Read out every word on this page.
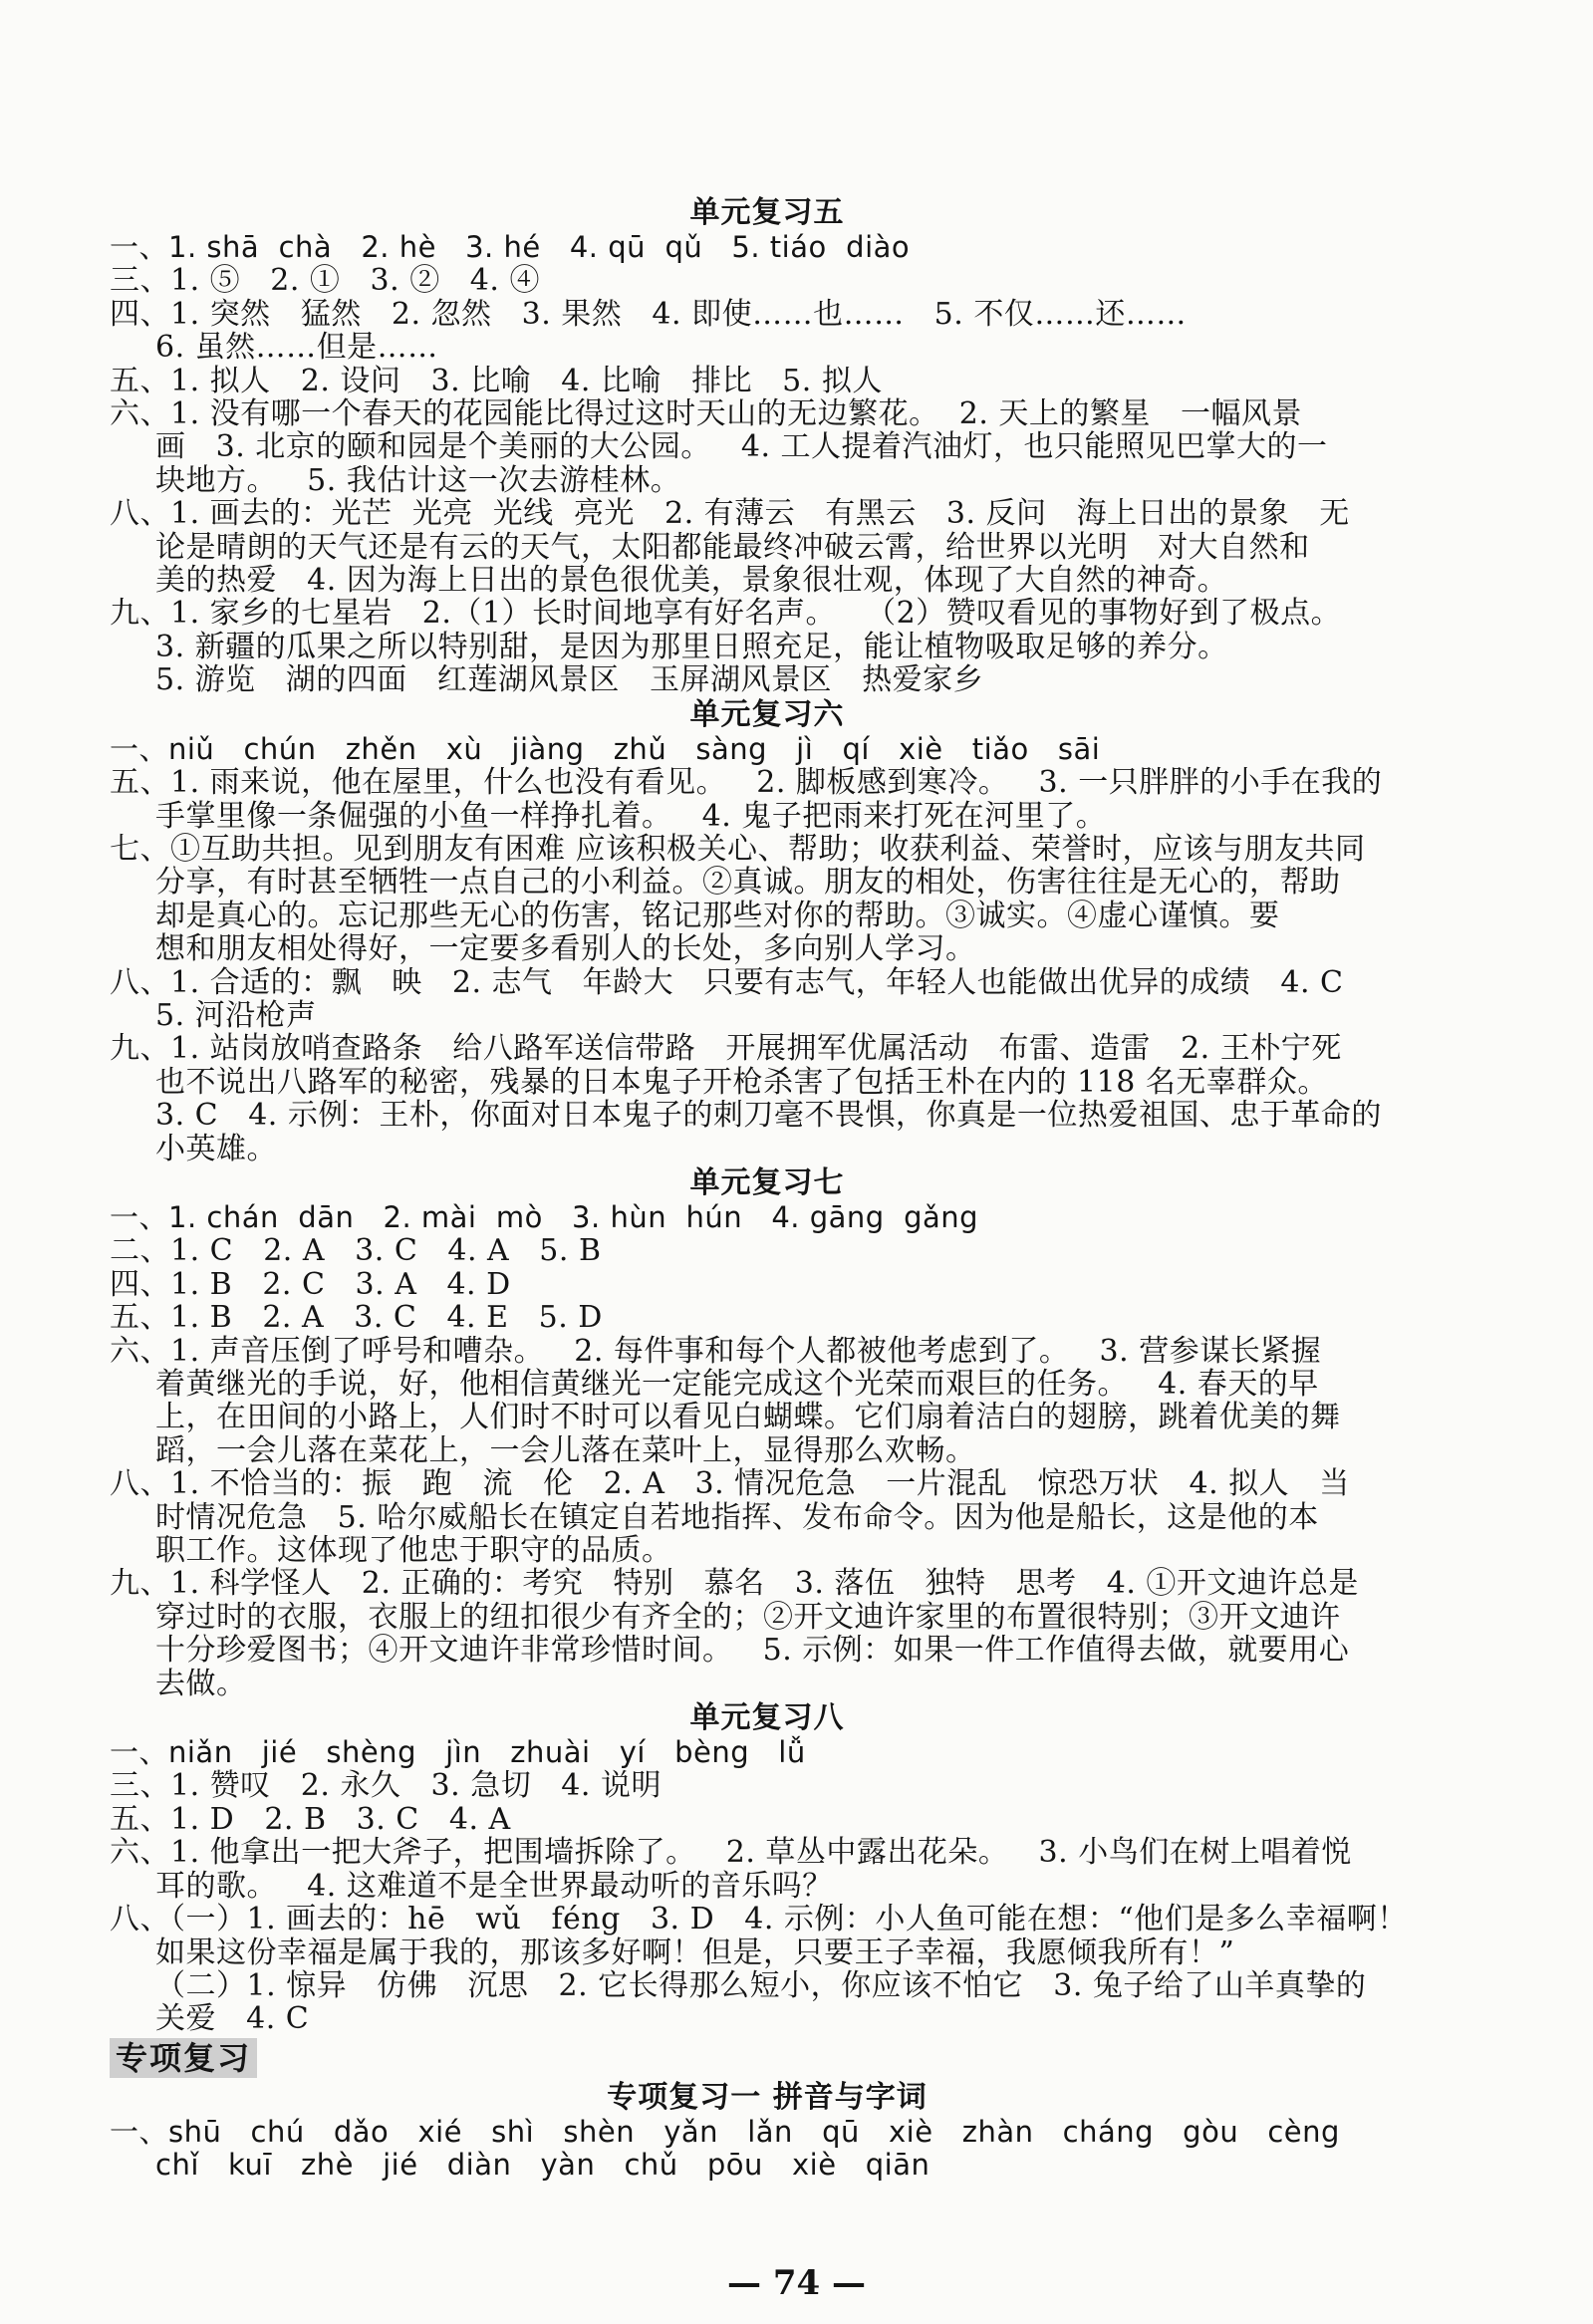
单元复习五
一、1. shā  chà   2. hè   3. hé   4. qū  qǔ   5. tiáo  diào
三、1. ⑤   2. ①   3. ②   4. ④
四、1. 突然   猛然   2. 忽然   3. 果然   4. 即使……也……   5. 不仅……还……
6. 虽然……但是……
五、1. 拟人   2. 设问   3. 比喻   4. 比喻   排比   5. 拟人
六、1. 没有哪一个春天的花园能比得过这时天山的无边繁花。  2. 天上的繁星   一幅风景
画   3. 北京的颐和园是个美丽的大公园。   4. 工人提着汽油灯，也只能照见巴掌大的一
块地方。   5. 我估计这一次去游桂林。
八、1. 画去的：光芒  光亮  光线  亮光   2. 有薄云   有黑云   3. 反问   海上日出的景象   无
论是晴朗的天气还是有云的天气，太阳都能最终冲破云霄，给世界以光明   对大自然和
美的热爱   4. 因为海上日出的景色很优美，景象很壮观，体现了大自然的神奇。
九、1. 家乡的七星岩   2.（1）长时间地享有好名声。   （2）赞叹看见的事物好到了极点。
3. 新疆的瓜果之所以特别甜，是因为那里日照充足，能让植物吸取足够的养分。
5. 游览   湖的四面   红莲湖风景区   玉屏湖风景区   热爱家乡
单元复习六
一、niǔ   chún   zhěn   xù   jiàng   zhǔ   sàng   jì   qí   xiè   tiǎo   sāi
五、1. 雨来说，他在屋里，什么也没有看见。   2. 脚板感到寒冷。   3. 一只胖胖的小手在我的
手掌里像一条倔强的小鱼一样挣扎着。   4. 鬼子把雨来打死在河里了。
七、①互助共担。见到朋友有困难 应该积极关心、帮助；收获利益、荣誉时，应该与朋友共同
分享，有时甚至牺牲一点自己的小利益。②真诚。朋友的相处，伤害往往是无心的，帮助
却是真心的。忘记那些无心的伤害，铭记那些对你的帮助。③诚实。④虚心谨慎。要
想和朋友相处得好，一定要多看别人的长处，多向别人学习。
八、1. 合适的：飘   映   2. 志气   年龄大   只要有志气，年轻人也能做出优异的成绩   4. C
5. 河沿枪声
九、1. 站岗放哨查路条   给八路军送信带路   开展拥军优属活动   布雷、造雷   2. 王朴宁死
也不说出八路军的秘密，残暴的日本鬼子开枪杀害了包括王朴在内的 118 名无辜群众。
3. C   4. 示例：王朴，你面对日本鬼子的刺刀毫不畏惧，你真是一位热爱祖国、忠于革命的
小英雄。
单元复习七
一、1. chán  dān   2. mài  mò   3. hùn  hún   4. gāng  gǎng
二、1. C   2. A   3. C   4. A   5. B
四、1. B   2. C   3. A   4. D
五、1. B   2. A   3. C   4. E   5. D
六、1. 声音压倒了呼号和嘈杂。   2. 每件事和每个人都被他考虑到了。   3. 营参谋长紧握
着黄继光的手说，好，他相信黄继光一定能完成这个光荣而艰巨的任务。   4. 春天的早
上，在田间的小路上，人们时不时可以看见白蝴蝶。它们扇着洁白的翅膀，跳着优美的舞
蹈，一会儿落在菜花上，一会儿落在菜叶上，显得那么欢畅。
八、1. 不恰当的：振   跑   流   伦   2. A   3. 情况危急   一片混乱   惊恐万状   4. 拟人   当
时情况危急   5. 哈尔威船长在镇定自若地指挥、发布命令。因为他是船长，这是他的本
职工作。这体现了他忠于职守的品质。
九、1. 科学怪人   2. 正确的：考究   特别   慕名   3. 落伍   独特   思考   4. ①开文迪许总是
穿过时的衣服，衣服上的纽扣很少有齐全的；②开文迪许家里的布置很特别；③开文迪许
十分珍爱图书；④开文迪许非常珍惜时间。   5. 示例：如果一件工作值得去做，就要用心
去做。
单元复习八
一、niǎn   jié   shèng   jìn   zhuài   yí   bèng   lǚ
三、1. 赞叹   2. 永久   3. 急切   4. 说明
五、1. D   2. B   3. C   4. A
六、1. 他拿出一把大斧子，把围墙拆除了。   2. 草丛中露出花朵。   3. 小鸟们在树上唱着悦
耳的歌。   4. 这难道不是全世界最动听的音乐吗？
八、（一）1. 画去的：hē   wǔ   féng   3. D   4. 示例：小人鱼可能在想：“他们是多么幸福啊！
如果这份幸福是属于我的，那该多好啊！但是，只要王子幸福，我愿倾我所有！”
（二）1. 惊异   仿佛   沉思   2. 它长得那么短小，你应该不怕它   3. 兔子给了山羊真挚的
关爱   4. C
专项复习
专项复习一 拼音与字词
一、shū   chú   dǎo   xié   shì   shèn   yǎn   lǎn   qū   xiè   zhàn   cháng   gòu   cèng
chǐ   kuī   zhè   jié   diàn   yàn   chǔ   pōu   xiè   qiān
— 74 —
